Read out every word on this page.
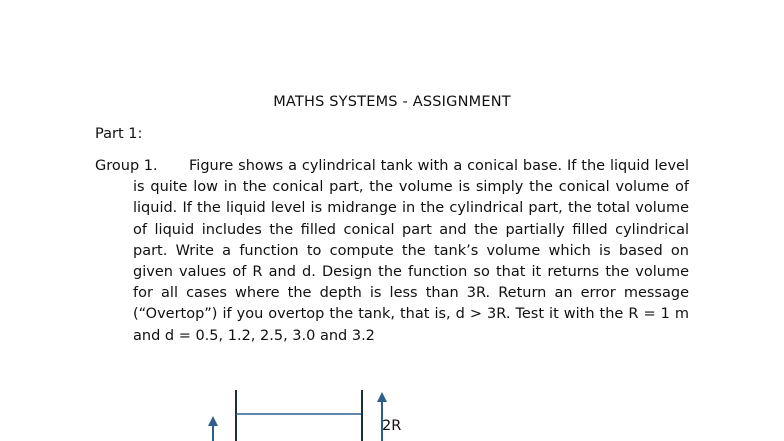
MATHS SYSTEMS - ASSIGNMENT
Part 1:
Group 1. Figure shows a cylindrical tank with a conical base. If the liquid level is quite low in the conical part, the volume is simply the conical volume of liquid. If the liquid level is midrange in the cylindrical part, the total volume of liquid includes the filled conical part and the partially filled cylindrical part. Write a function to compute the tank’s volume which is based on given values of R and d. Design the function so that it returns the volume for all cases where the depth is less than 3R. Return an error message (“Overtop”) if you overtop the tank, that is, d > 3R. Test it with the R = 1 m and d = 0.5, 1.2, 2.5, 3.0 and 3.2
2R
